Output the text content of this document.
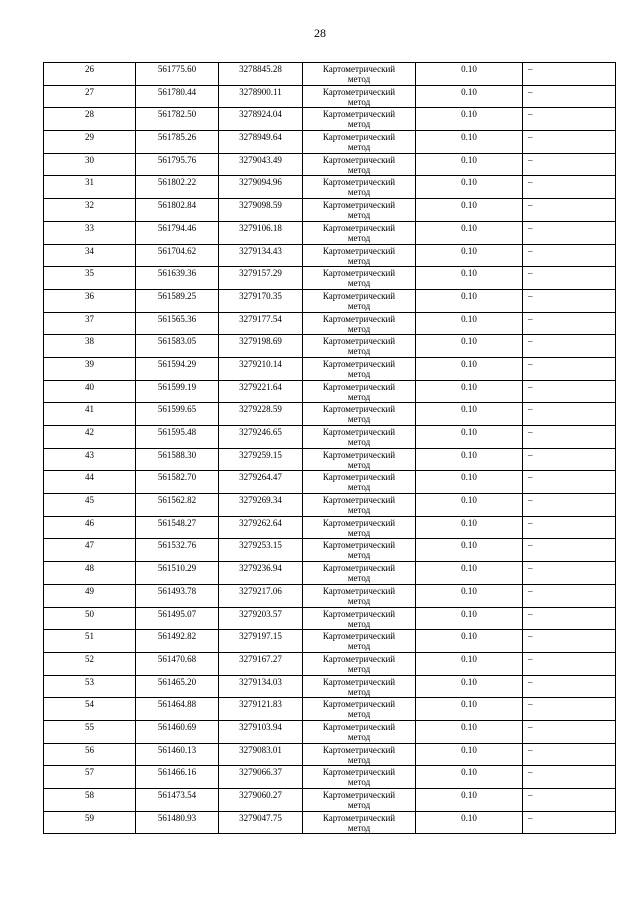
28
26	561775.60	3278845.28	Картометрический метод	0.10	–

27	561780.44	3278900.11	Картометрический метод	0.10	–

28	561782.50	3278924.04	Картометрический метод	0.10	–

29	561785.26	3278949.64	Картометрический метод	0.10	–

30	561795.76	3279043.49	Картометрический метод	0.10	–

31	561802.22	3279094.96	Картометрический метод	0.10	–

32	561802.84	3279098.59	Картометрический метод	0.10	–

33	561794.46	3279106.18	Картометрический метод	0.10	–

34	561704.62	3279134.43	Картометрический метод	0.10	–

35	561639.36	3279157.29	Картометрический метод	0.10	–

36	561589.25	3279170.35	Картометрический метод	0.10	–

37	561565.36	3279177.54	Картометрический метод	0.10	–

38	561583.05	3279198.69	Картометрический метод	0.10	–

39	561594.29	3279210.14	Картометрический метод	0.10	–

40	561599.19	3279221.64	Картометрический метод	0.10	–

41	561599.65	3279228.59	Картометрический метод	0.10	–

42	561595.48	3279246.65	Картометрический метод	0.10	–

43	561588.30	3279259.15	Картометрический метод	0.10	–

44	561582.70	3279264.47	Картометрический метод	0.10	–

45	561562.82	3279269.34	Картометрический метод	0.10	–

46	561548.27	3279262.64	Картометрический метод	0.10	–

47	561532.76	3279253.15	Картометрический метод	0.10	–

48	561510.29	3279236.94	Картометрический метод	0.10	–

49	561493.78	3279217.06	Картометрический метод	0.10	–

50	561495.07	3279203.57	Картометрический метод	0.10	–

51	561492.82	3279197.15	Картометрический метод	0.10	–

52	561470.68	3279167.27	Картометрический метод	0.10	–

53	561465.20	3279134.03	Картометрический метод	0.10	–

54	561464.88	3279121.83	Картометрический метод	0.10	–

55	561460.69	3279103.94	Картометрический метод	0.10	–

56	561460.13	3279083.01	Картометрический метод	0.10	–

57	561466.16	3279066.37	Картометрический метод	0.10	–

58	561473.54	3279060.27	Картометрический метод	0.10	–

59	561480.93	3279047.75	Картометрический метод	0.10	–
